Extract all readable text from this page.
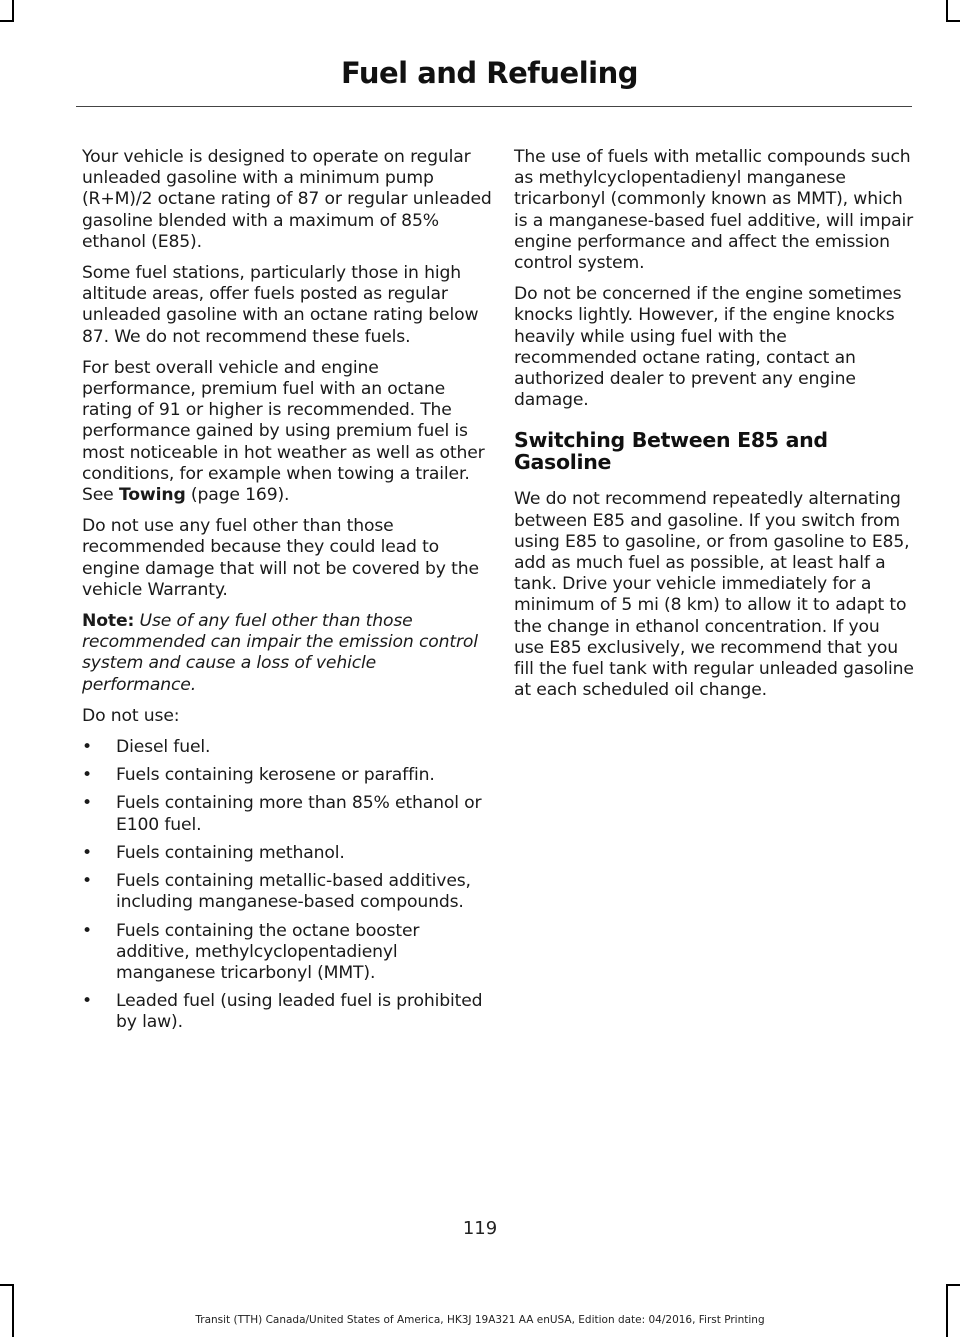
Fuel and Refueling

Your vehicle is designed to operate on regular unleaded gasoline with a minimum pump (R+M)/2 octane rating of 87 or regular unleaded gasoline blended with a maximum of 85% ethanol (E85).

Some fuel stations, particularly those in high altitude areas, offer fuels posted as regular unleaded gasoline with an octane rating below 87. We do not recommend these fuels.

For best overall vehicle and engine performance, premium fuel with an octane rating of 91 or higher is recommended. The performance gained by using premium fuel is most noticeable in hot weather as well as other conditions, for example when towing a trailer. See Towing (page 169).

Do not use any fuel other than those recommended because they could lead to engine damage that will not be covered by the vehicle Warranty.

Note: Use of any fuel other than those recommended can impair the emission control system and cause a loss of vehicle performance.

Do not use:

•	Diesel fuel.
•	Fuels containing kerosene or paraffin.
•	Fuels containing more than 85% ethanol or E100 fuel.
•	Fuels containing methanol.
•	Fuels containing metallic-based additives, including manganese-based compounds.
•	Fuels containing the octane booster additive, methylcyclopentadienyl manganese tricarbonyl (MMT).
•	Leaded fuel (using leaded fuel is prohibited by law).

The use of fuels with metallic compounds such as methylcyclopentadienyl manganese tricarbonyl (commonly known as MMT), which is a manganese-based fuel additive, will impair engine performance and affect the emission control system.

Do not be concerned if the engine sometimes knocks lightly. However, if the engine knocks heavily while using fuel with the recommended octane rating, contact an authorized dealer to prevent any engine damage.

Switching Between E85 and Gasoline

We do not recommend repeatedly alternating between E85 and gasoline. If you switch from using E85 to gasoline, or from gasoline to E85, add as much fuel as possible, at least half a tank. Drive your vehicle immediately for a minimum of 5 mi (8 km) to allow it to adapt to the change in ethanol concentration. If you use E85 exclusively, we recommend that you fill the fuel tank with regular unleaded gasoline at each scheduled oil change.

119
Transit (TTH) Canada/United States of America, HK3J 19A321 AA enUSA, Edition date: 04/2016, First Printing
